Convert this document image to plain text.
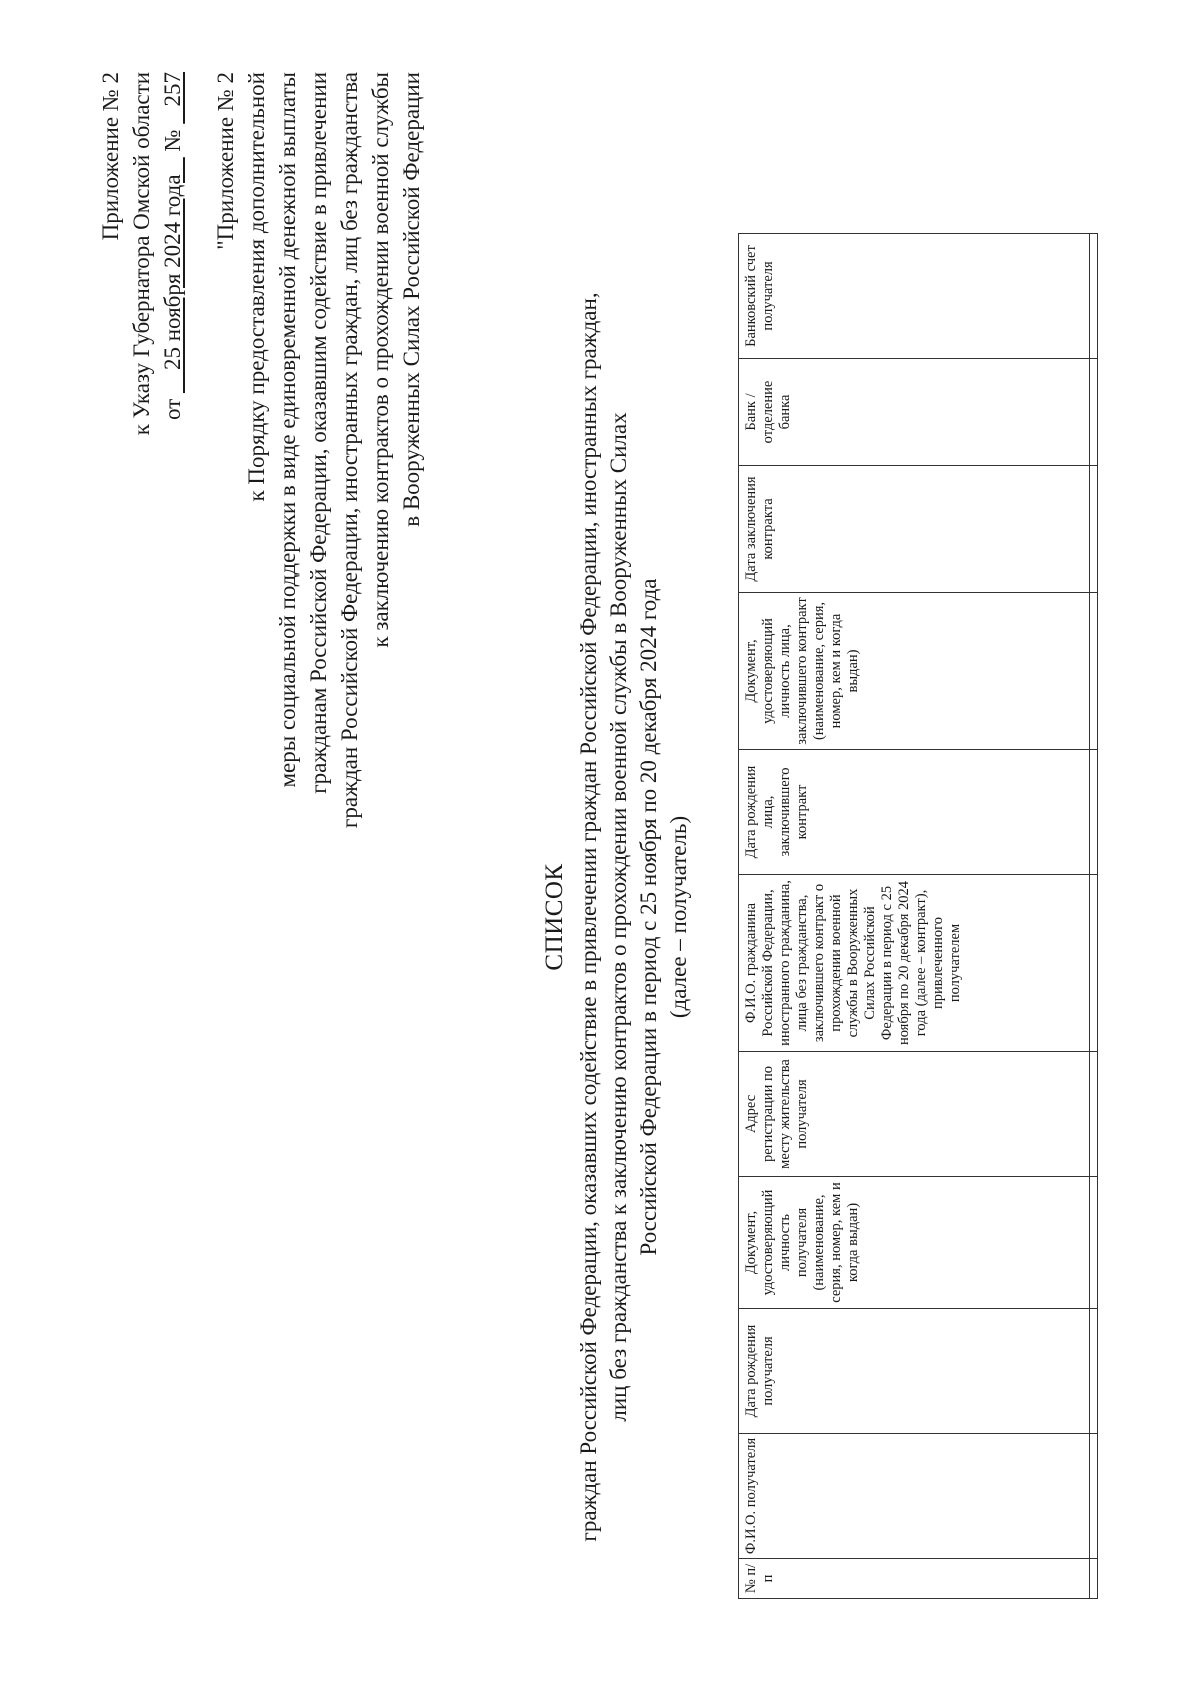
Приложение № 2 к Указу Губернатора Омской области от     25 ноября 2024 года    №    257 "Приложение № 2 к Порядку предоставления дополнительной меры социальной поддержки в виде единовременной денежной выплаты гражданам Российской Федерации, оказавшим содействие в привлечении граждан Российской Федерации, иностранных граждан, лиц без гражданства к заключению контрактов о прохождении военной службы в Вооруженных Силах Российской Федерации
СПИСОК граждан Российской Федерации, оказавших содействие в привлечении граждан Российской Федерации, иностранных граждан, лиц без гражданства к заключению контрактов о прохождении военной службы в Вооруженных Силах Российской Федерации в период с 25 ноября по 20 декабря 2024 года (далее – получатель)
№ п/п	Ф.И.О. получателя	Дата рождения получателя	Документ, удостоверяющий личность получателя (наименование, серия, номер, кем и когда выдан)	Адрес регистрации по месту жительства получателя	Ф.И.О. гражданина Российской Федерации, иностранного гражданина, лица без гражданства, заключившего контракт о прохождении военной службы в Вооруженных Силах Российской Федерации в период с 25 ноября по 20 декабря 2024 года (далее – контракт), привлеченного получателем	Дата рождения лица, заключившего контракт	Документ, удостоверяющий личность лица, заключившего контракт (наименование, серия, номер, кем и когда выдан)	Дата заключения контракта	Банк / отделение банка	Банковский счет получателя
